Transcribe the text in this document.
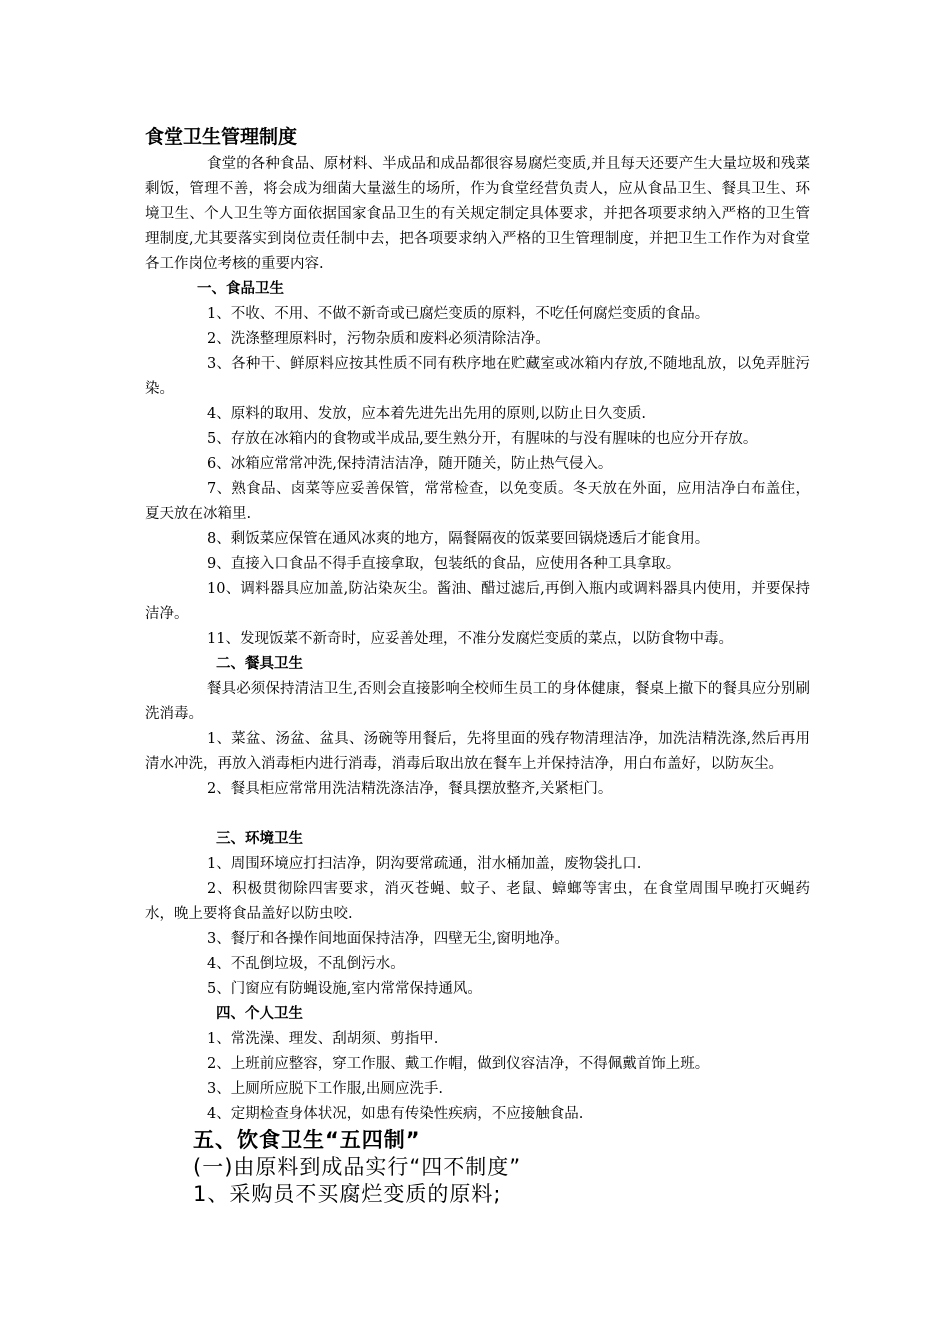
食堂卫生管理制度

食堂的各种食品、原材料、半成品和成品都很容易腐烂变质,并且每天还要产生大量垃圾和残菜剩饭，管理不善，将会成为细菌大量滋生的场所，作为食堂经营负责人，应从食品卫生、餐具卫生、环境卫生、个人卫生等方面依据国家食品卫生的有关规定制定具体要求，并把各项要求纳入严格的卫生管理制度,尤其要落实到岗位责任制中去，把各项要求纳入严格的卫生管理制度，并把卫生工作作为对食堂各工作岗位考核的重要内容.

一、食品卫生

1、不收、不用、不做不新奇或已腐烂变质的原料，不吃任何腐烂变质的食品。

2、洗涤整理原料时，污物杂质和废料必须清除洁净。

3、各种干、鲜原料应按其性质不同有秩序地在贮藏室或冰箱内存放,不随地乱放，以免弄脏污染。

4、原料的取用、发放，应本着先进先出先用的原则,以防止日久变质.

5、存放在冰箱内的食物或半成品,要生熟分开，有腥味的与没有腥味的也应分开存放。

6、冰箱应常常冲洗,保持清洁洁净，随开随关，防止热气侵入。

7、熟食品、卤菜等应妥善保管，常常检查，以免变质。冬天放在外面，应用洁净白布盖住，夏天放在冰箱里.

8、剩饭菜应保管在通风冰爽的地方，隔餐隔夜的饭菜要回锅烧透后才能食用。

9、直接入口食品不得手直接拿取，包装纸的食品，应使用各种工具拿取。

10、调料器具应加盖,防沾染灰尘。酱油、醋过滤后,再倒入瓶内或调料器具内使用，并要保持洁净。

11、发现饭菜不新奇时，应妥善处理，不准分发腐烂变质的菜点，以防食物中毒。

二、餐具卫生

餐具必须保持清洁卫生,否则会直接影响全校师生员工的身体健康，餐桌上撤下的餐具应分别刷洗消毒。

1、菜盆、汤盆、盆具、汤碗等用餐后，先将里面的残存物清理洁净，加洗洁精洗涤,然后再用清水冲洗，再放入消毒柜内进行消毒，消毒后取出放在餐车上并保持洁净，用白布盖好，以防灰尘。

2、餐具柜应常常用洗洁精洗涤洁净，餐具摆放整齐,关紧柜门。

三、环境卫生

1、周围环境应打扫洁净，阴沟要常疏通，泔水桶加盖，废物袋扎口.

2、积极贯彻除四害要求，消灭苍蝇、蚊子、老鼠、蟑螂等害虫，在食堂周围早晚打灭蝇药水，晚上要将食品盖好以防虫咬.

3、餐厅和各操作间地面保持洁净，四壁无尘,窗明地净。

4、不乱倒垃圾，不乱倒污水。

5、门窗应有防蝇设施,室内常常保持通风。

四、个人卫生

1、常洗澡、理发、刮胡须、剪指甲.

2、上班前应整容，穿工作服、戴工作帽，做到仪容洁净，不得佩戴首饰上班。

3、上厕所应脱下工作服,出厕应洗手.

4、定期检查身体状况，如患有传染性疾病，不应接触食品.

五、饮食卫生“五四制”
(一)由原料到成品实行“四不制度”
1、采购员不买腐烂变质的原料;
